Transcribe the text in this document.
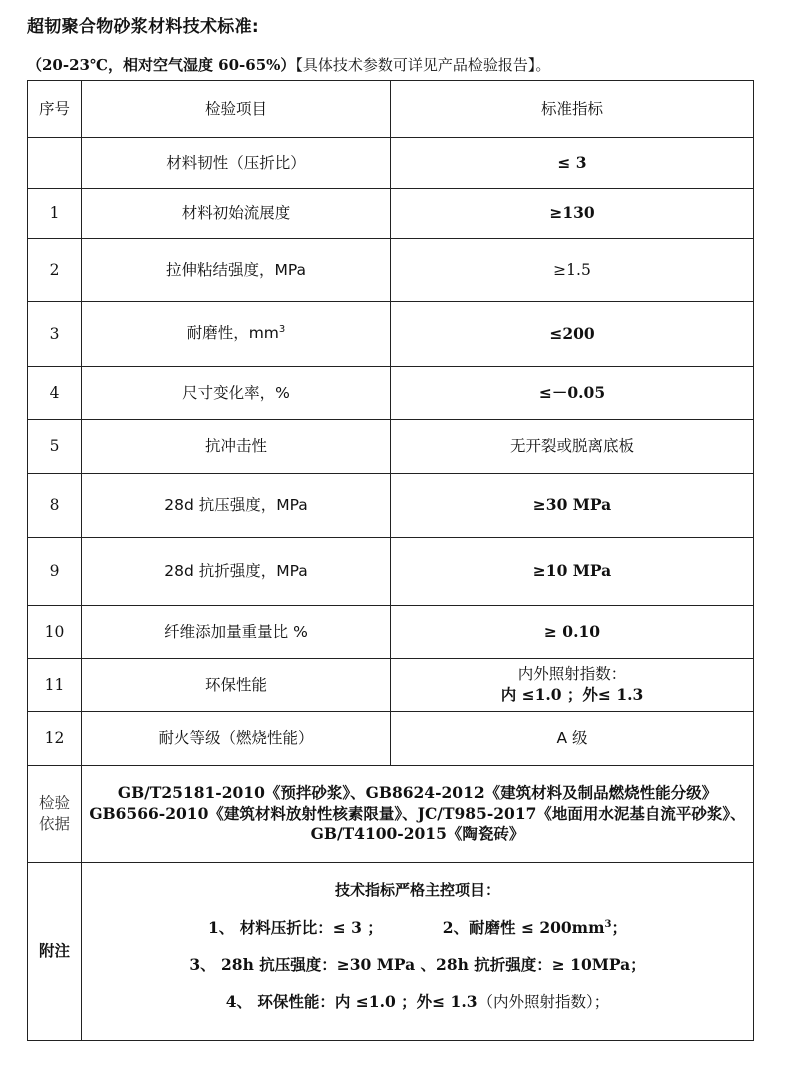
超韧聚合物砂浆材料技术标准:
（20-23℃，相对空气湿度 60-65%）【具体技术参数可详见产品检验报告】。
序号	检验项目	标准指标
	材料韧性（压折比）	≤ 3
1	材料初始流展度	≥130
2	拉伸粘结强度，MPa	≥1.5
3	耐磨性，$mm^3$	≤200
4	尺寸变化率，%	≤－0.05
5	抗冲击性	无开裂或脱离底板
8	28d 抗压强度，MPa	≥30 MPa
9	28d 抗折强度，MPa	≥10 MPa
10	纤维添加量重量比 %	≥ 0.10
11	环保性能	内外照射指数：
内 ≤1.0 ；外≤ 1.3

12	耐火等级（燃烧性能）	A 级

检验
依据	GB/T25181-2010《预拌砂浆》、GB8624-2012《建筑材料及制品燃烧性能分级》GB6566-2010《建筑材料放射性核素限量》、JC/T985-2017《地面用水泥基自流平砂浆》、GB/T4100-2015《陶瓷砖》	
附注	技术指标严格主控项目：
1、 材料压折比：≤ 3 ； 2、耐磨性 ≤ $200mm^3$；
3、 28h 抗压强度：≥30 MPa 、28h 抗折强度：≥ 10MPa；
4、 环保性能：内 ≤1.0 ；外≤ 1.3（内外照射指数）；	
